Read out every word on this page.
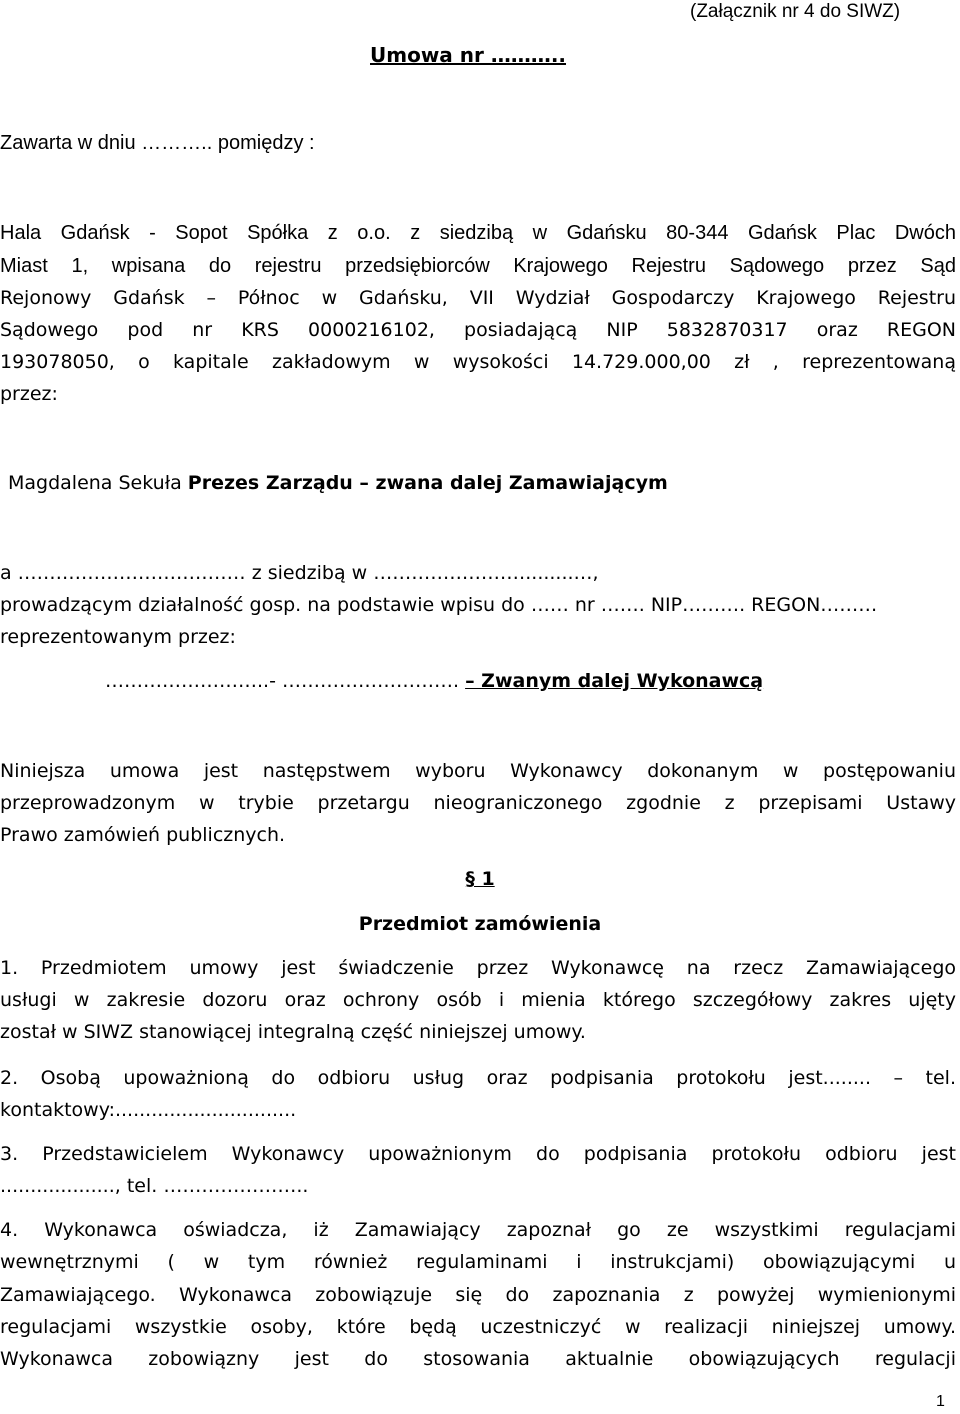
(Załącznik nr 4 do SIWZ)
Umowa nr ………..
Zawarta w dniu ……….. pomiędzy :
Hala Gdańsk - Sopot Spółka z o.o. z siedzibą w Gdańsku 80-344 Gdańsk Plac Dwóch
Miast 1, wpisana do rejestru przedsiębiorców Krajowego Rejestru Sądowego przez Sąd
Rejonowy Gdańsk – Północ w Gdańsku, VII Wydział Gospodarczy Krajowego Rejestru
Sądowego pod nr KRS 0000216102, posiadającą NIP 5832870317 oraz REGON
193078050, o kapitale zakładowym w wysokości 14.729.000,00 zł , reprezentowaną
przez:
Magdalena Sekuła Prezes Zarządu – zwana dalej Zamawiającym
a ……………………………… z siedzibą w ……………………........…,
prowadzącym działalność gosp. na podstawie wpisu do …… nr ……. NIP………. REGON………
reprezentowanym przez:
……………………..- ………………………. – Zwanym dalej Wykonawcą
Niniejsza umowa jest następstwem wyboru Wykonawcy dokonanym w postępowaniu
przeprowadzonym w trybie przetargu nieograniczonego zgodnie z przepisami Ustawy
Prawo zamówień publicznych.
§ 1
Przedmiot zamówienia
1. Przedmiotem umowy jest świadczenie przez Wykonawcę na rzecz Zamawiającego
usługi w zakresie dozoru oraz ochrony osób i mienia którego szczegółowy zakres ujęty
został w SIWZ stanowiącej integralną część niniejszej umowy.
2. Osobą upoważnioną do odbioru usług oraz podpisania protokołu jest........ – tel.
kontaktowy:..............................
3. Przedstawicielem Wykonawcy upoważnionym do podpisania protokołu odbioru jest
..................., tel. …………………..
4. Wykonawca oświadcza, iż Zamawiający zapoznał go ze wszystkimi regulacjami
wewnętrznymi ( w tym również regulaminami i instrukcjami) obowiązującymi u
Zamawiającego. Wykonawca zobowiązuje się do zapoznania z powyżej wymienionymi
regulacjami wszystkie osoby, które będą uczestniczyć w realizacji niniejszej umowy.
Wykonawca zobowiązny jest do stosowania aktualnie obowiązujących regulacji
1
